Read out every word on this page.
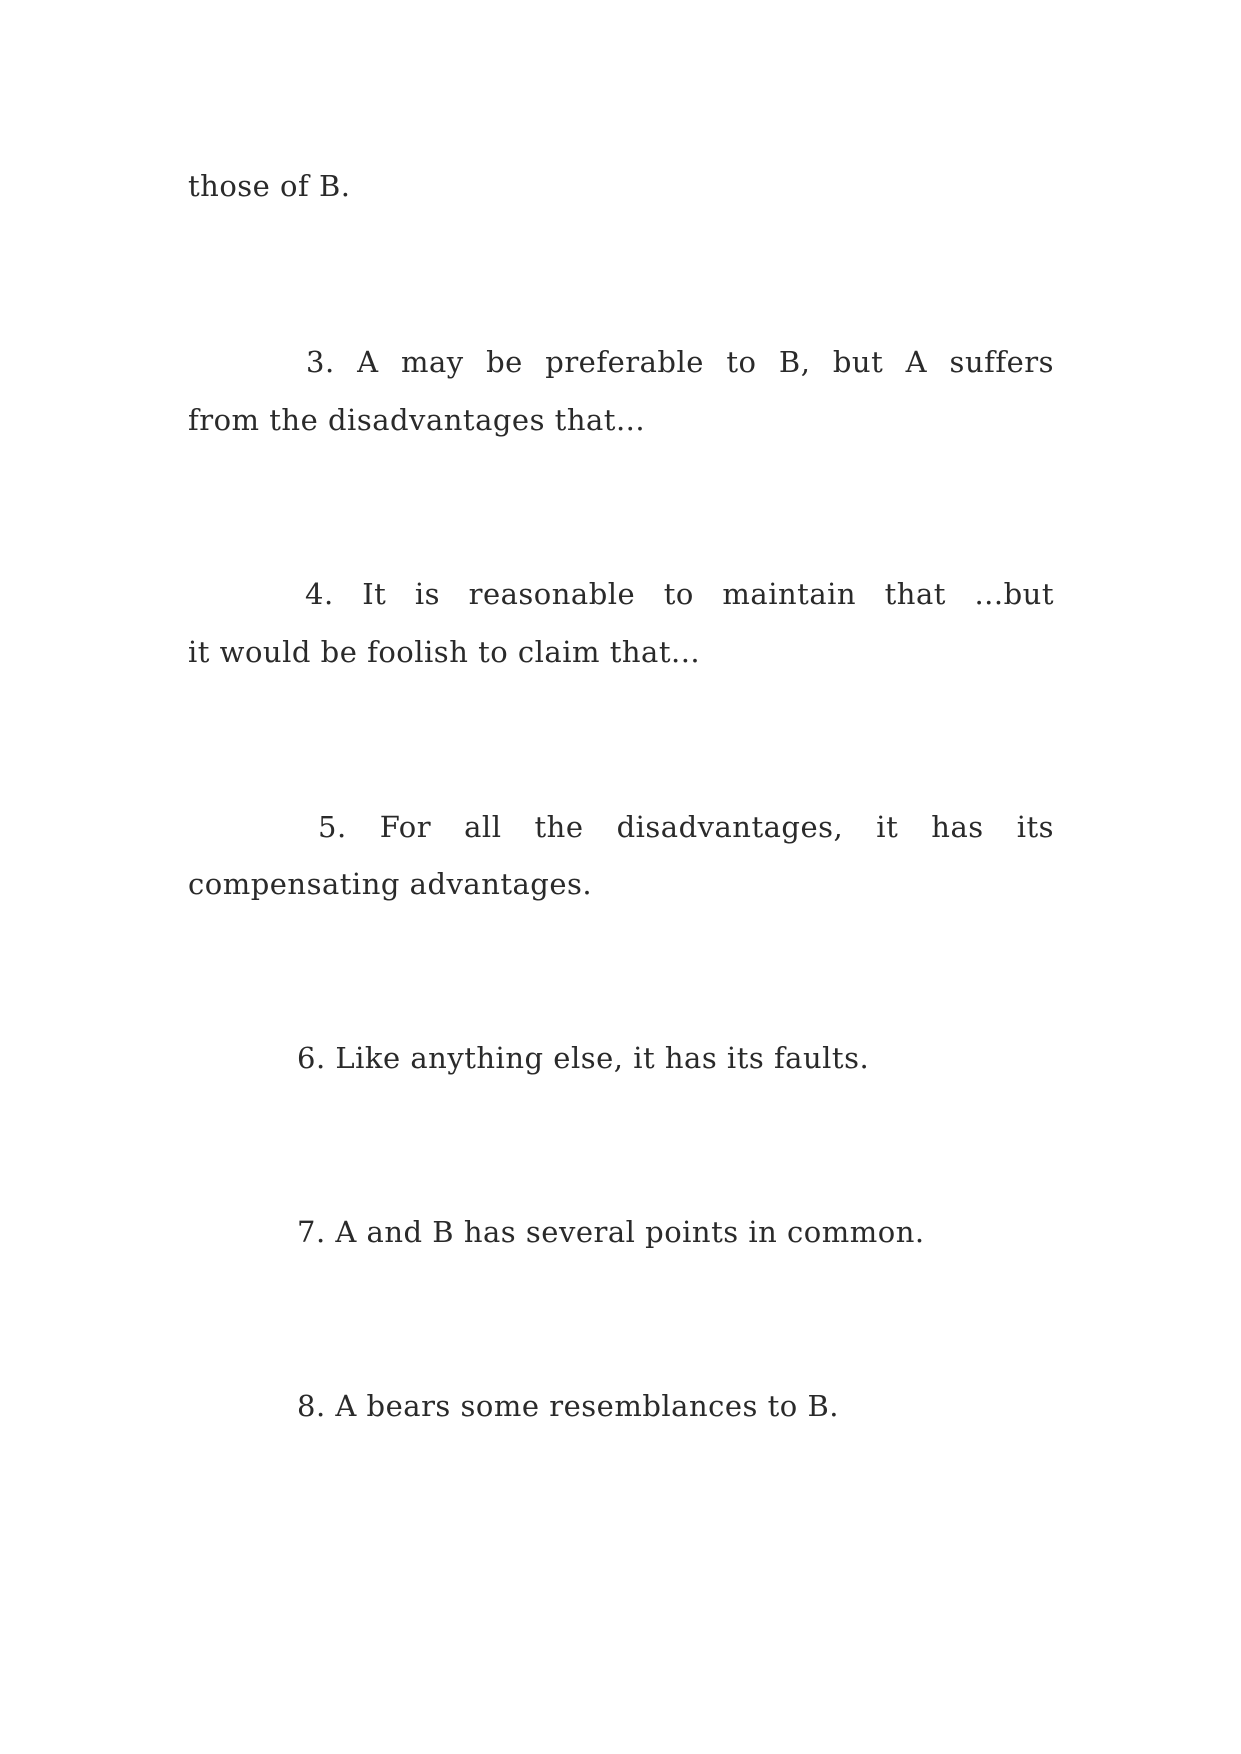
those of B.
3. A may be preferable to B, but A suffers
from the disadvantages that...
4. It is reasonable to maintain that ...but
it would be foolish to claim that...
5. For all the disadvantages, it has its
compensating advantages.
6. Like anything else, it has its faults.
7. A and B has several points in common.
8. A bears some resemblances to B.
